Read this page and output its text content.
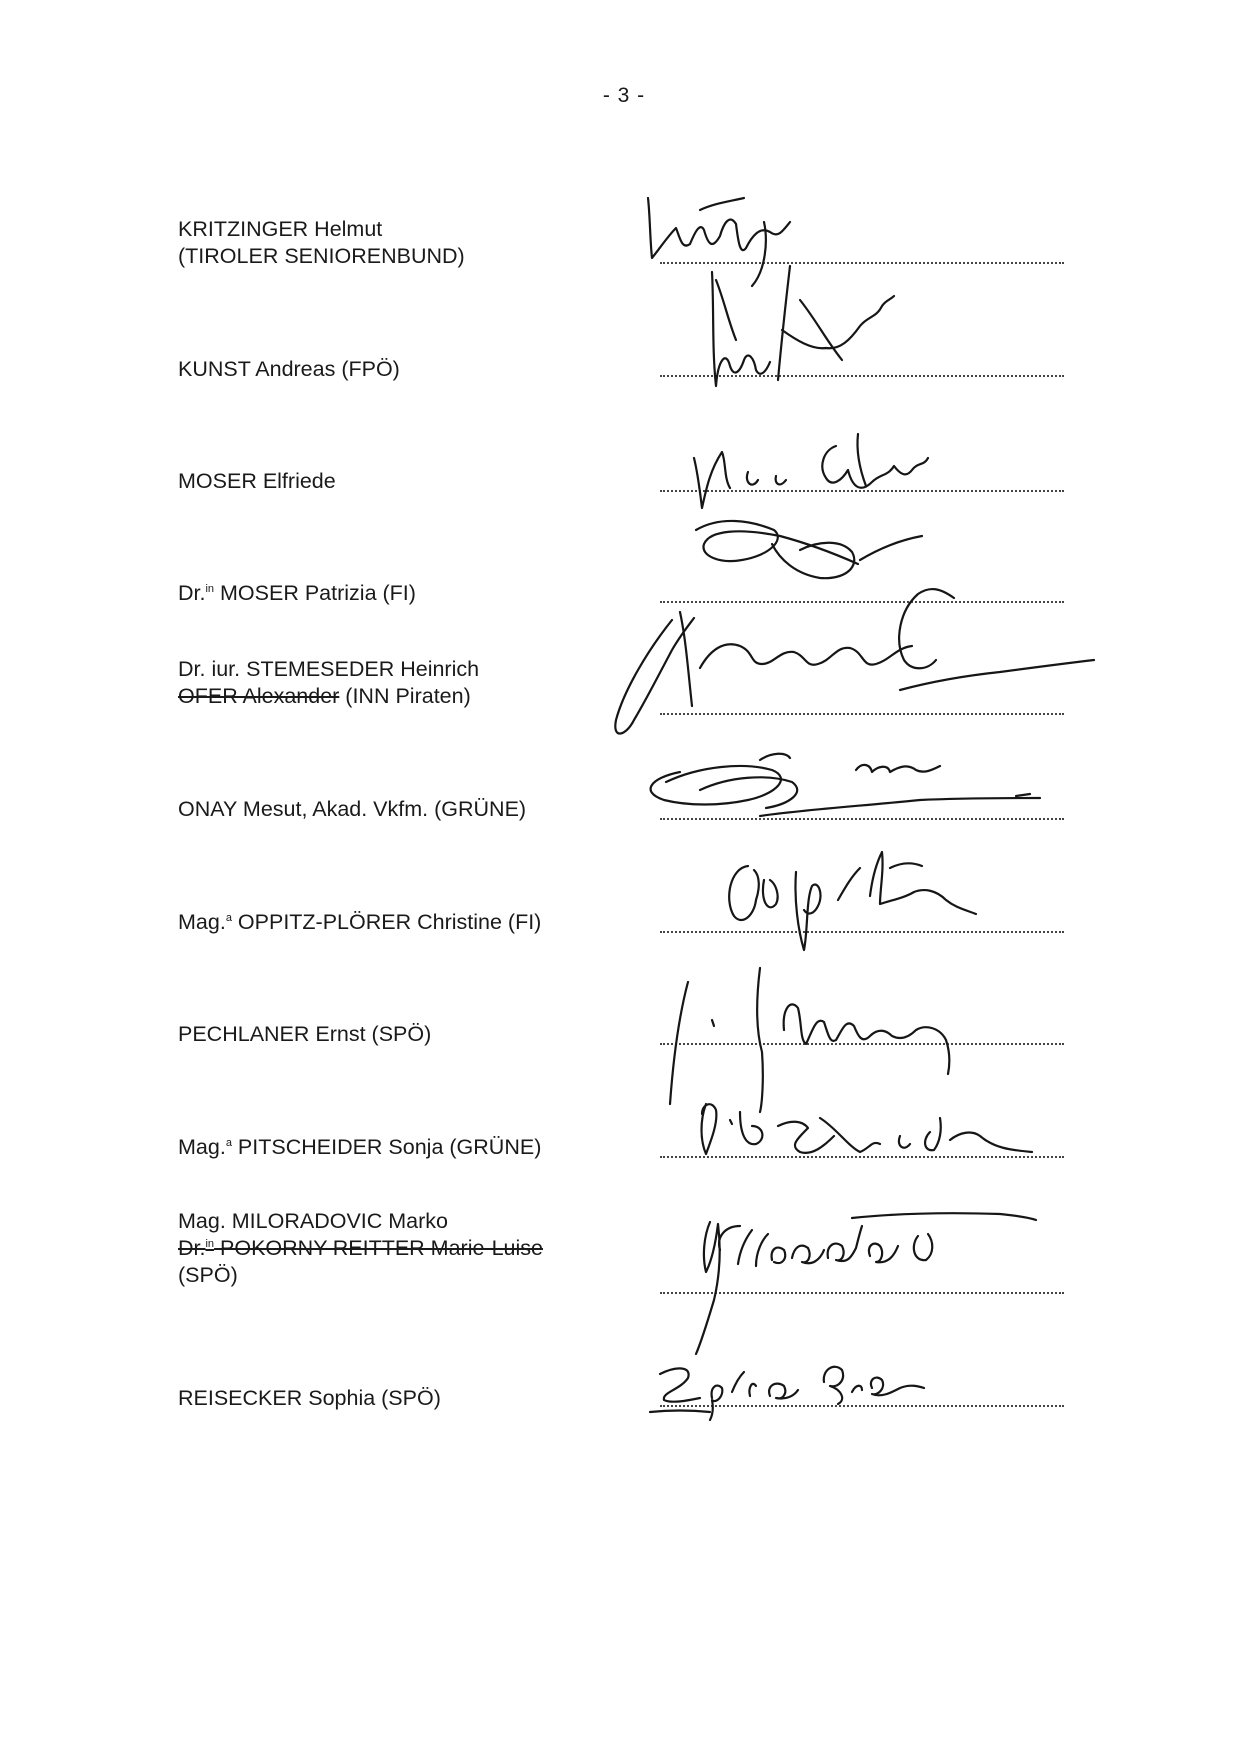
- 3 -
KRITZINGER Helmut
(TIROLER SENIORENBUND)
KUNST Andreas (FPÖ)
MOSER Elfriede
Dr.$^{in}$ MOSER Patrizia (FI)
Dr. iur. STEMESEDER Heinrich
OFER Alexander (INN Piraten)
ONAY Mesut, Akad. Vkfm. (GRÜNE)
Mag.$^a$ OPPITZ-PLÖRER Christine (FI)
PECHLANER Ernst (SPÖ)
Mag.$^a$ PITSCHEIDER Sonja (GRÜNE)
Mag. MILORADOVIC Marko
Dr.$^{in}$ POKORNY-REITTER Marie-Luise
(SPÖ)
REISECKER Sophia (SPÖ)
